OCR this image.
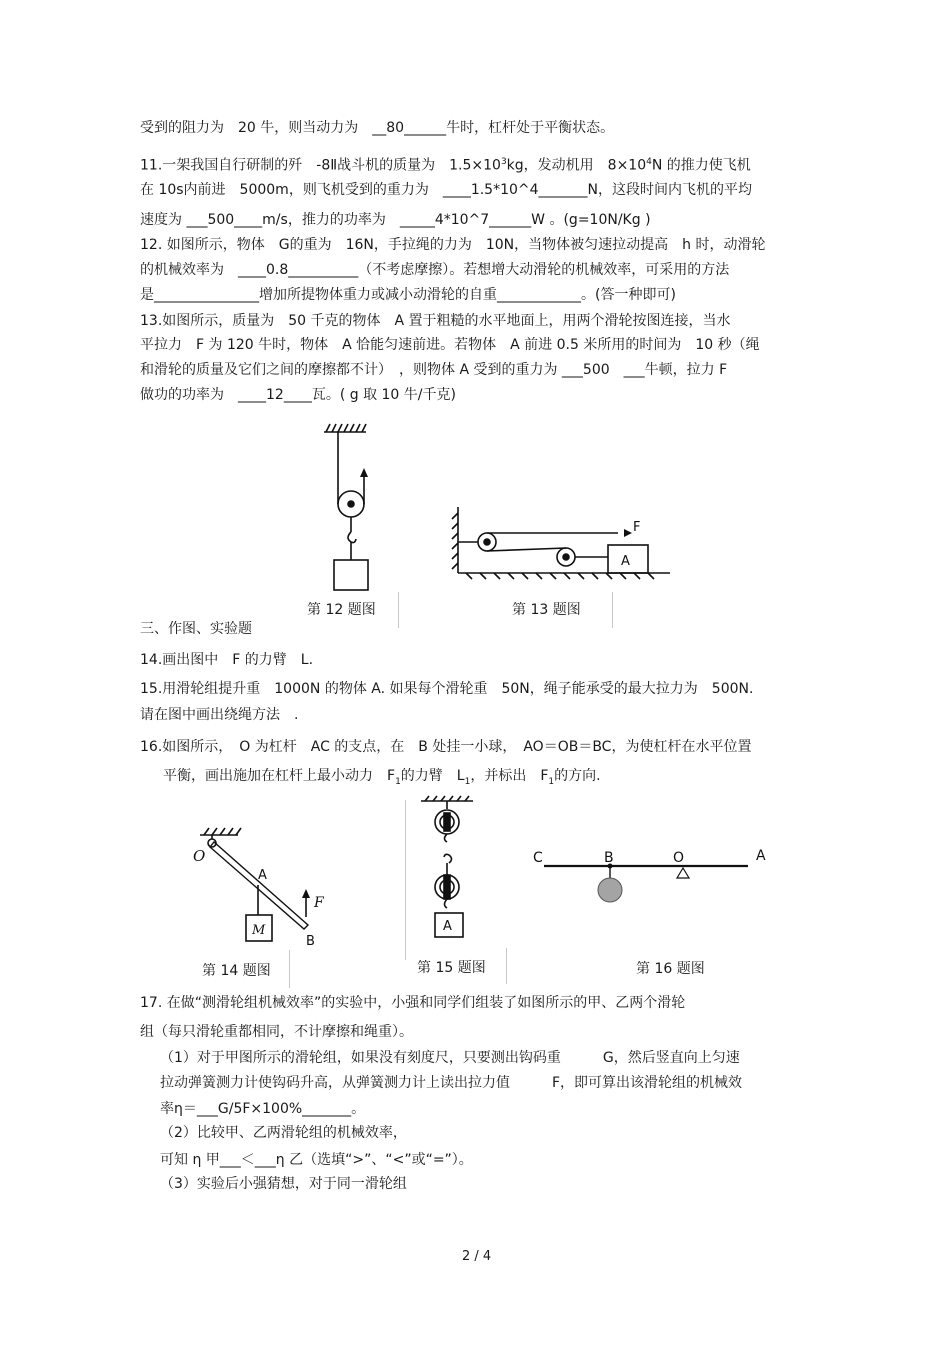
受到的阻力为　20 牛，则当动力为　__80______牛时，杠杆处于平衡状态。
11.一架我国自行研制的歼　-8Ⅱ战斗机的质量为　$1.5\times 10^3kg$，发动机用　$8\times 10^4N$ 的推力使飞机
在 10s内前进　5000m，则飞机受到的重力为　____1.5*10^4_______N，这段时间内飞机的平均
速度为 ___500____m/s，推力的功率为　_____4*10^7______W 。(g=10N/Kg )
12. 如图所示，物体　G的重为　16N，手拉绳的力为　10N，当物体被匀速拉动提高　h 时，动滑轮
的机械效率为　____0.8__________（不考虑摩擦）。若想增大动滑轮的机械效率，可采用的方法
是_______________增加所提物体重力或减小动滑轮的自重____________。(答一种即可)
13.如图所示，质量为　50 千克的物体　A 置于粗糙的水平地面上，用两个滑轮按图连接，当水
平拉力　F 为 120 牛时，物体　A 恰能匀速前进。若物体　A 前进 0.5 米所用的时间为　10 秒（绳
和滑轮的质量及它们之间的摩擦都不计）　，则物体 A 受到的重力为 ___500　___牛顿，拉力 F
做功的功率为　____12____瓦。( g 取 10 牛/千克)
第 12 题图
F
A
第 13 题图
三、作图、实验题
14.画出图中　F 的力臂　L.
15.用滑轮组提升重　1000N 的物体 A. 如果每个滑轮重　50N，绳子能承受的最大拉力为　500N.
请在图中画出绕绳方法　.
16.如图所示，　O 为杠杆　AC 的支点，在　B 处挂一小球，　AO＝OB＝BC，为使杠杆在水平位置
平衡，画出施加在杠杆上最小动力　$F_1$的力臂　$L_1$，并标出　$F_1$的方向.
O
A
F
M
B
第 14 题图
A
第 15 题图
C	B	O	A
第 16 题图
17. 在做“测滑轮组机械效率”的实验中，小强和同学们组装了如图所示的甲、乙两个滑轮
组（每只滑轮重都相同，不计摩擦和绳重）。
（1）对于甲图所示的滑轮组，如果没有刻度尺，只要测出钩码重　　　G，然后竖直向上匀速
拉动弹簧测力计使钩码升高，从弹簧测力计上读出拉力值　　　F，即可算出该滑轮组的机械效
率η＝___G/5F×100%_______。
（2）比较甲、乙两滑轮组的机械效率，
可知 η 甲___＜___η 乙（选填“>”、“<”或“=”）。
（3）实验后小强猜想，对于同一滑轮组
2 / 4
